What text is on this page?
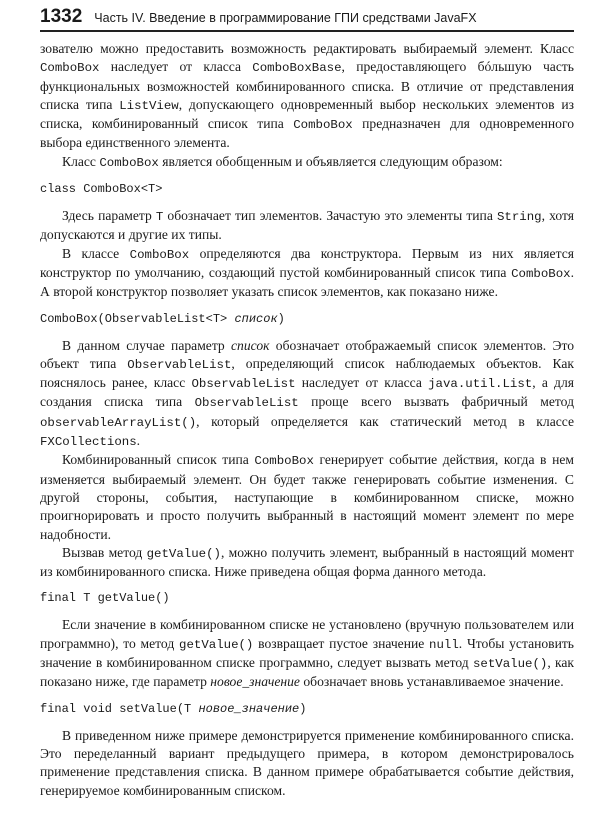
1332 Часть IV. Введение в программирование ГПИ средствами JavaFX

зователю можно предоставить возможность редактировать выбираемый элемент. Класс ComboBox наследует от класса ComboBoxBase, предоставляющего бóльшую часть функциональных возможностей комбинированного списка. В отличие от представления списка типа ListView, допускающего одновременный выбор нескольких элементов из списка, комбинированный список типа ComboBox предназначен для одновременного выбора единственного элемента.

Класс ComboBox является обобщенным и объявляется следующим образом:

class ComboBox<T>

Здесь параметр T обозначает тип элементов. Зачастую это элементы типа String, хотя допускаются и другие их типы.

В классе ComboBox определяются два конструктора. Первым из них является конструктор по умолчанию, создающий пустой комбинированный список типа ComboBox. А второй конструктор позволяет указать список элементов, как показано ниже.

ComboBox(ObservableList<T> список)

В данном случае параметр список обозначает отображаемый список элементов. Это объект типа ObservableList, определяющий список наблюдаемых объектов. Как пояснялось ранее, класс ObservableList наследует от класса java.util.List, а для создания списка типа ObservableList проще всего вызвать фабричный метод observableArrayList(), который определяется как статический метод в классе FXCollections.

Комбинированный список типа ComboBox генерирует событие действия, когда в нем изменяется выбираемый элемент. Он будет также генерировать событие изменения. С другой стороны, события, наступающие в комбинированном списке, можно проигнорировать и просто получить выбранный в настоящий момент элемент по мере надобности.

Вызвав метод getValue(), можно получить элемент, выбранный в настоящий момент из комбинированного списка. Ниже приведена общая форма данного метода.

final T getValue()

Если значение в комбинированном списке не установлено (вручную пользователем или программно), то метод getValue() возвращает пустое значение null. Чтобы установить значение в комбинированном списке программно, следует вызвать метод setValue(), как показано ниже, где параметр новое_значение обозначает вновь устанавливаемое значение.

final void setValue(T новое_значение)

В приведенном ниже примере демонстрируется применение комбинированного списка. Это переделанный вариант предыдущего примера, в котором демонстрировалось применение представления списка. В данном примере обрабатывается событие действия, генерируемое комбинированным списком.
